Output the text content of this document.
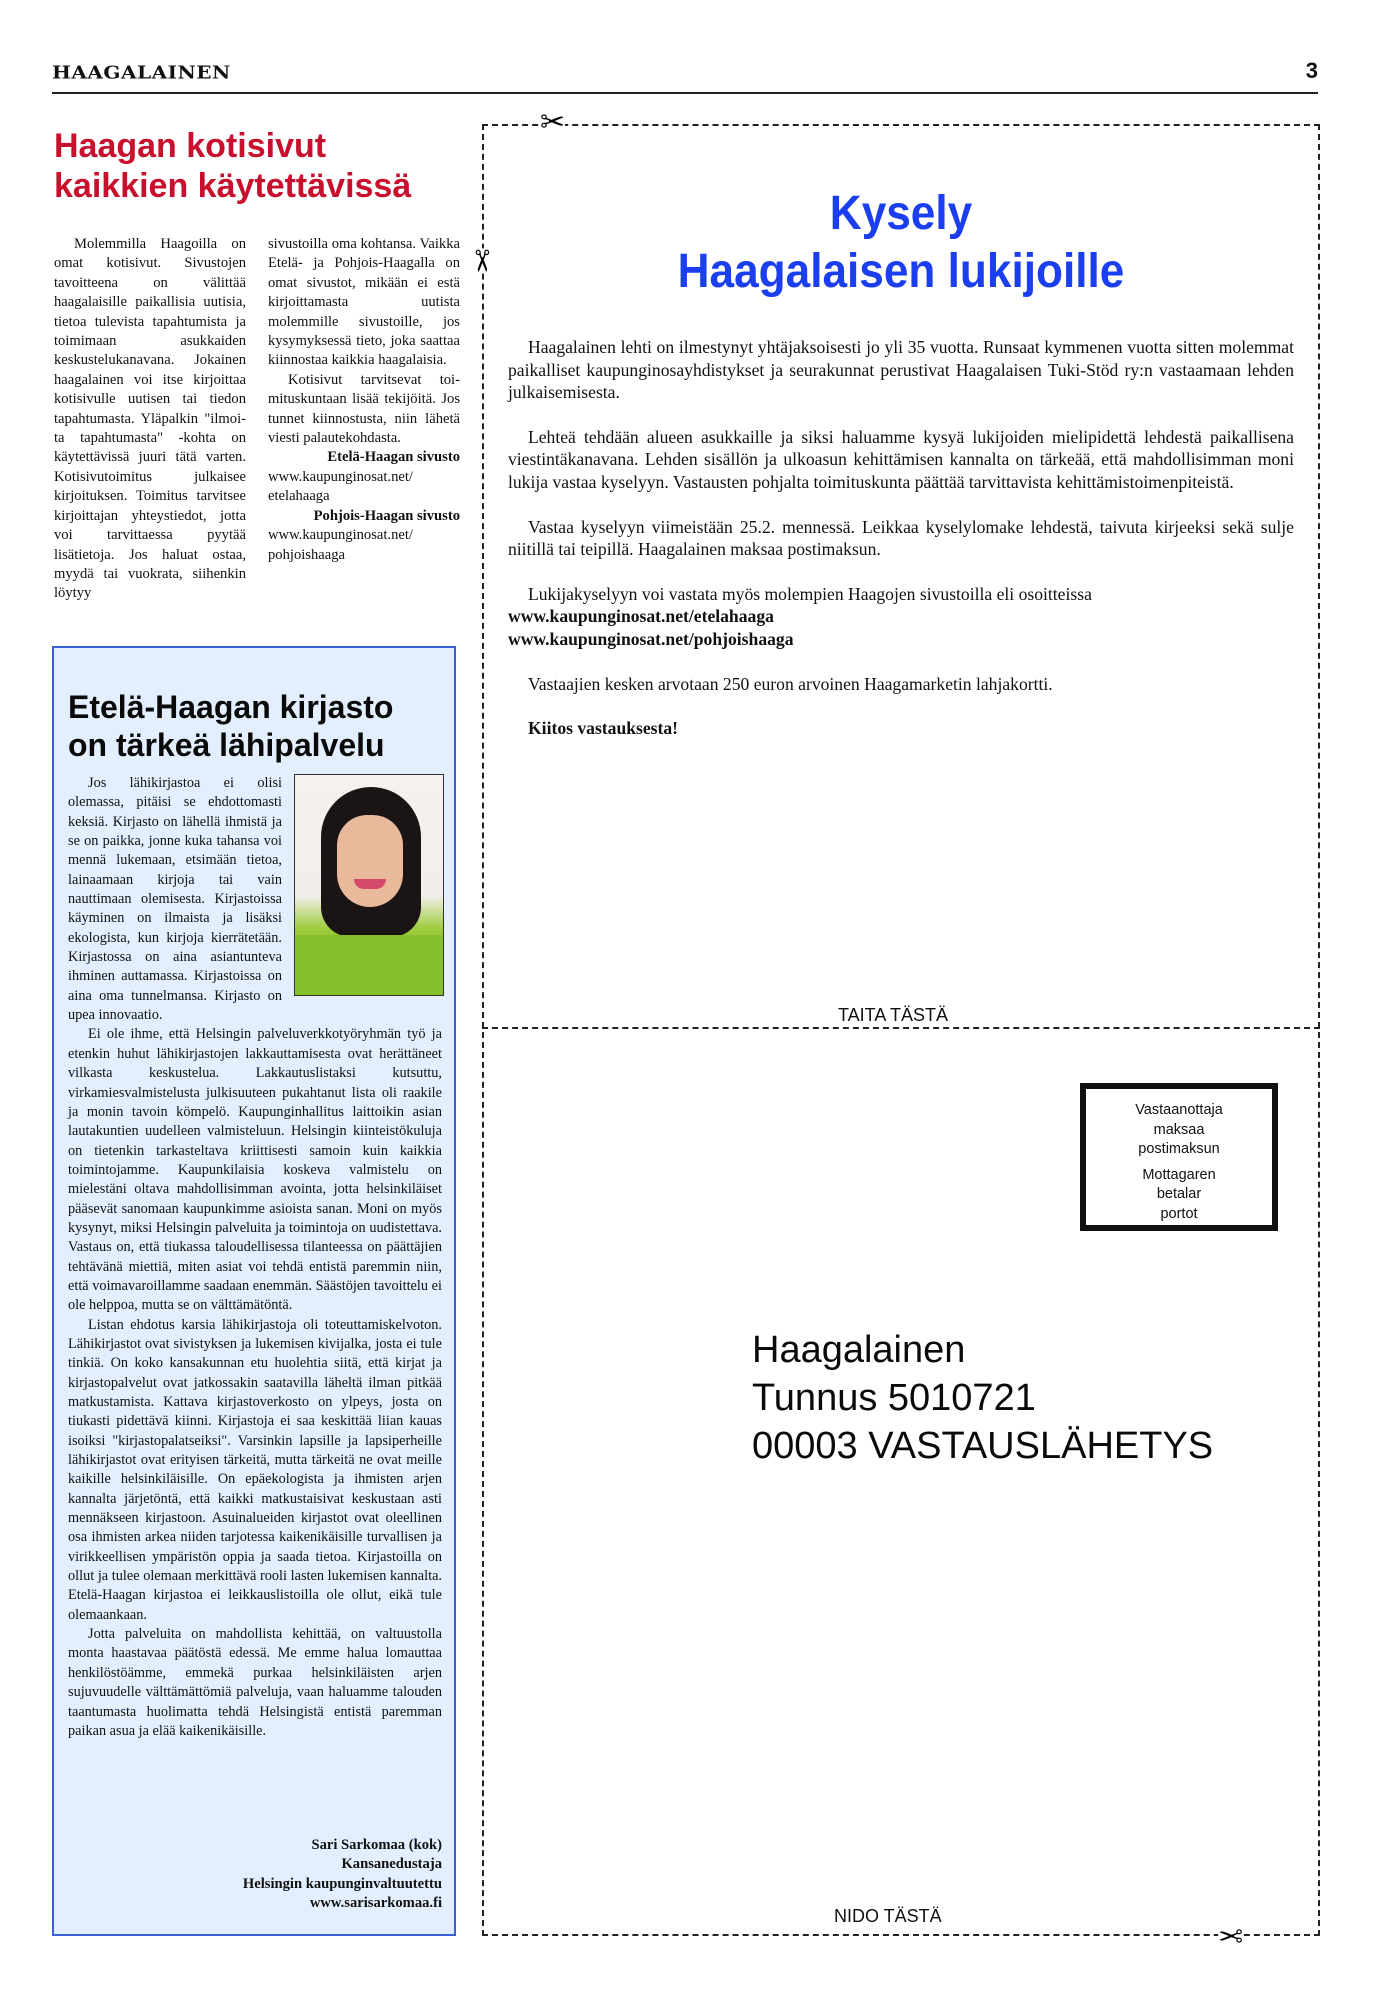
HAAGALAINEN	3
Haagan kotisivut
kaikkien käytettävissä

Molemmilla Haagoilla on omat kotisivut. Sivustojen tavoitteena on välittää haagalaisille paikallisia uutisia, tietoa tulevista tapahtumista ja toimimaan asukkaiden keskustelukanavana. Jokainen haagalainen voi itse kirjoittaa kotisivulle uutisen tai tiedon tapahtumasta. Yläpalkin "ilmoita tapahtumasta" -kohta on käytettävissä juuri tätä varten. Kotisivutoimitus julkaisee kirjoituksen. Toimitus tarvitsee kirjoittajan yhteystiedot, jotta voi tarvittaessa pyytää lisätietoja. Jos haluat ostaa, myydä tai vuokrata, siihenkin löytyy

sivustoilla oma kohtansa. Vaikka Etelä- ja Pohjois-Haagalla on omat sivustot, mikään ei estä kirjoittamasta uutista molemmille sivustoille, jos kysymyksessä tieto, joka saattaa kiinnostaa kaikkia haagalaisia.

Kotisivut tarvitsevat toimituskuntaan lisää tekijöitä. Jos tunnet kiinnostusta, niin lähetä viesti palautekohdasta.

Etelä-Haagan sivusto
www.kaupunginosat.net/
etelahaaga
Pohjois-Haagan sivusto
www.kaupunginosat.net/
pohjoishaaga
Etelä-Haagan kirjasto
on tärkeä lähipalvelu

Jos lähikirjastoa ei olisi olemassa, pitäisi se ehdottomasti keksiä. Kirjasto on lähellä ihmistä ja se on paikka, jonne kuka tahansa voi mennä lukemaan, etsimään tietoa, lainaamaan kirjoja tai vain nauttimaan olemisesta. Kirjastoissa käyminen on ilmaista ja lisäksi ekologista, kun kirjoja kierrätetään. Kirjastossa on aina asiantunteva ihminen auttamassa. Kirjastoissa on aina oma tunnelmansa. Kirjasto on upea innovaatio.

Ei ole ihme, että Helsingin palveluverkkotyöryhmän työ ja etenkin huhut lähikirjastojen lakkauttamisesta ovat herättäneet vilkasta keskustelua. Lakkautuslistaksi kutsuttu, virkamiesvalmistelusta julkisuuteen pukahtanut lista oli raakile ja monin tavoin kömpelö. Kaupunginhallitus laittoikin asian lautakuntien uudelleen valmisteluun. Helsingin kiinteistökuluja on tietenkin tarkasteltava kriittisesti samoin kuin kaikkia toimintojamme. Kaupunkilaisia koskeva valmistelu on mielestäni oltava mahdollisimman avointa, jotta helsinkiläiset pääsevät sanomaan kaupunkimme asioista sanan. Moni on myös kysynyt, miksi Helsingin palveluita ja toimintoja on uudistettava. Vastaus on, että tiukassa taloudellisessa tilanteessa on päättäjien tehtävänä miettiä, miten asiat voi tehdä entistä paremmin niin, että voimavaroillamme saadaan enemmän. Säästöjen tavoittelu ei ole helppoa, mutta se on välttämätöntä.

Listan ehdotus karsia lähikirjastoja oli toteuttamiskelvoton. Lähikirjastot ovat sivistyksen ja lukemisen kivijalka, josta ei tule tinkiä. On koko kansakunnan etu huolehtia siitä, että kirjat ja kirjastopalvelut ovat jatkossakin saatavilla läheltä ilman pitkää matkustamista. Kattava kirjastoverkosto on ylpeys, josta on tiukasti pidettävä kiinni. Kirjastoja ei saa keskittää liian kauas isoiksi "kirjastopalatseiksi". Varsinkin lapsille ja lapsiperheille lähikirjastot ovat erityisen tärkeitä, mutta tärkeitä ne ovat meille kaikille helsinkiläisille. On epäekologista ja ihmisten arjen kannalta järjetöntä, että kaikki matkustaisivat keskustaan asti mennäkseen kirjastoon. Asuinalueiden kirjastot ovat oleellinen osa ihmisten arkea niiden tarjotessa kaikenikäisille turvallisen ja virikkeellisen ympäristön oppia ja saada tietoa. Kirjastoilla on ollut ja tulee olemaan merkittävä rooli lasten lukemisen kannalta. Etelä-Haagan kirjastoa ei leikkauslistoilla ole ollut, eikä tule olemaankaan.

Jotta palveluita on mahdollista kehittää, on valtuustolla monta haastavaa päätöstä edessä. Me emme halua lomauttaa henkilöstöämme, emmekä purkaa helsinkiläisten arjen sujuvuudelle välttämättömiä palveluja, vaan haluamme talouden taantumasta huolimatta tehdä Helsingistä entistä paremman paikan asua ja elää kaikenikäisille.

Sari Sarkomaa (kok)
Kansanedustaja
Helsingin kaupunginvaltuutettu
www.sarisarkomaa.fi
✂
✂
✂
Kysely
Haagalaisen lukijoille

Haagalainen lehti on ilmestynyt yhtäjaksoisesti jo yli 35 vuotta. Runsaat kymmenen vuotta sitten molemmat paikalliset kaupunginosayhdistykset ja seurakunnat perustivat Haagalaisen Tuki-Stöd ry:n vastaamaan lehden julkaisemisesta.

Lehteä tehdään alueen asukkaille ja siksi haluamme kysyä lukijoiden mielipidettä lehdestä paikallisena viestintäkanavana. Lehden sisällön ja ulkoasun kehittämisen kannalta on tärkeää, että mahdollisimman moni lukija vastaa kyselyyn. Vastausten pohjalta toimituskunta päättää tarvittavista kehittämistoimenpiteistä.

Vastaa kyselyyn viimeistään 25.2. mennessä. Leikkaa kyselylomake lehdestä, taivuta kirjeeksi sekä sulje niitillä tai teipillä. Haagalainen maksaa postimaksun.

Lukijakyselyyn voi vastata myös molempien Haagojen sivustoilla eli osoitteissa
www.kaupunginosat.net/etelahaaga
www.kaupunginosat.net/pohjoishaaga

Vastaajien kesken arvotaan 250 euron arvoinen Haagamarketin lahjakortti.

Kiitos vastauksesta!

TAITA TÄSTÄ
Vastaanottaja
maksaa
postimaksun
Mottagaren
betalar
portot
Haagalainen
Tunnus 5010721
00003 VASTAUSLÄHETYS
NIDO TÄSTÄ
